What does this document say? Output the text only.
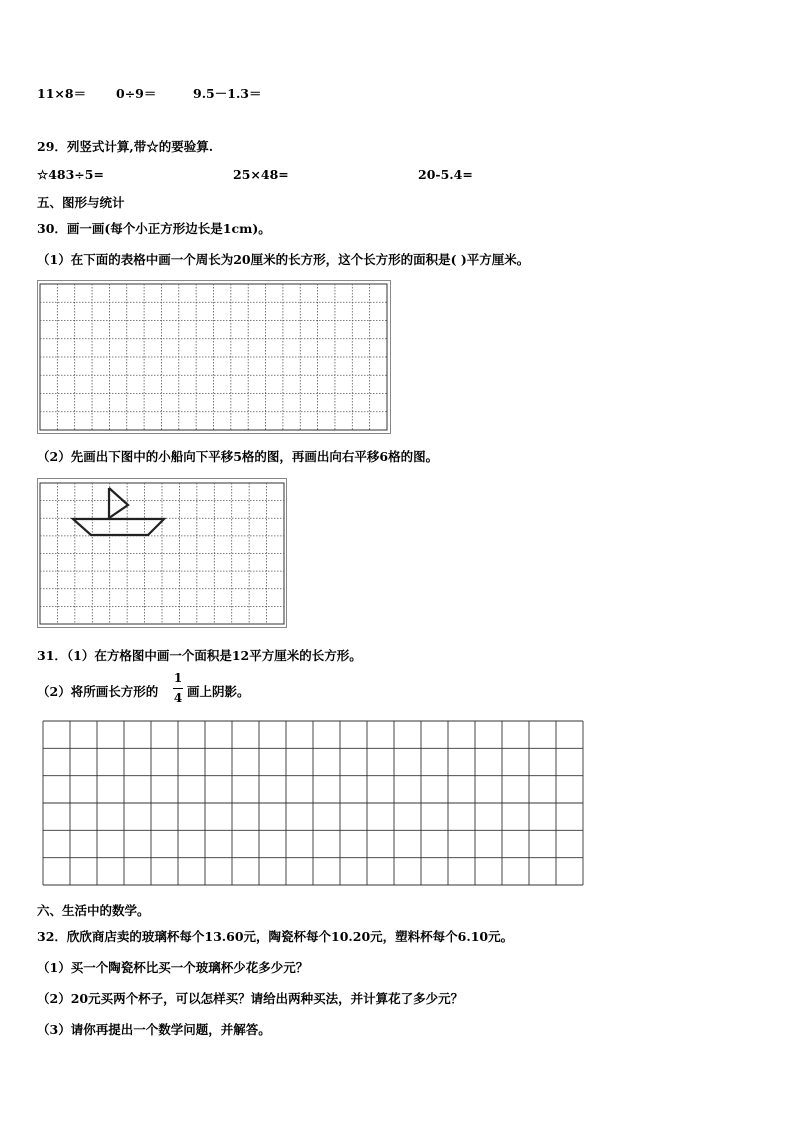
11×8＝ 0÷9＝	9.5－1.3＝
29．列竖式计算,带☆的要验算.
☆483÷5=	25×48=	20-5.4=
五、图形与统计
30．画一画(每个小正方形边长是1cm)。
（1）在下面的表格中画一个周长为20厘米的长方形，这个长方形的面积是( )平方厘米。
（2）先画出下图中的小船向下平移5格的图，再画出向右平移6格的图。
31．（1）在方格图中画一个面积是12平方厘米的长方形。
（2）将所画长方形的
1
4 画上阴影。
六、生活中的数学。
32．欣欣商店卖的玻璃杯每个13.60元，陶瓷杯每个10.20元，塑料杯每个6.10元。
（1）买一个陶瓷杯比买一个玻璃杯少花多少元？
（2）20元买两个杯子，可以怎样买？请给出两种买法，并计算花了多少元？
（3）请你再提出一个数学问题，并解答。
